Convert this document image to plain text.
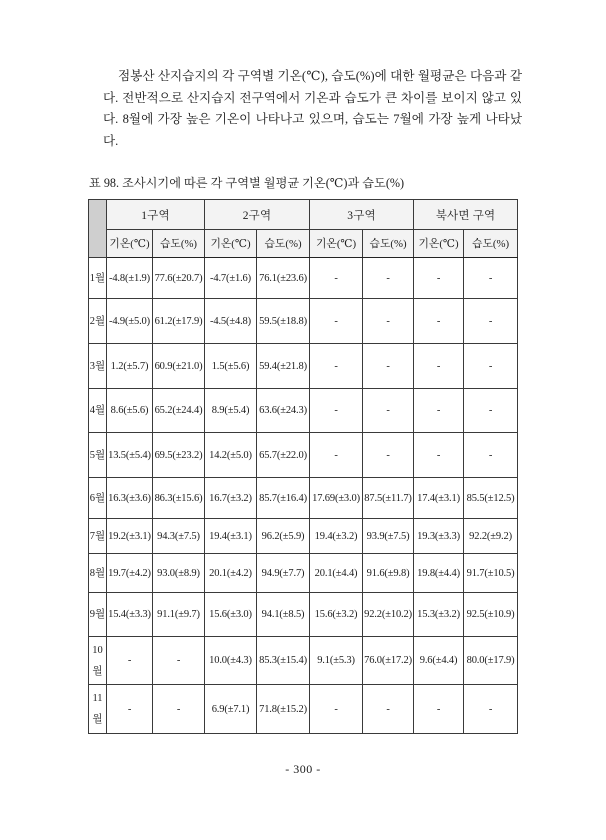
점봉산 산지습지의 각 구역별 기온(℃), 습도(%)에 대한 월평균은 다음과 같다. 전반적으로 산지습지 전구역에서 기온과 습도가 큰 차이를 보이지 않고 있다. 8월에 가장 높은 기온이 나타나고 있으며, 습도는 7월에 가장 높게 나타났다.

표 98. 조사시기에 따른 각 구역별 월평균 기온(℃)과 습도(%)

	1구역		2구역		3구역		북사면 구역	
	기온(℃)	습도(%)	기온(℃)	습도(%)	기온(℃)	습도(%)	기온(℃)	습도(%)
1월	-4.8(±1.9)	77.6(±20.7)	-4.7(±1.6)	76.1(±23.6)	-	-	-	-
2월	-4.9(±5.0)	61.2(±17.9)	-4.5(±4.8)	59.5(±18.8)	-	-	-	-
3월	1.2(±5.7)	60.9(±21.0)	1.5(±5.6)	59.4(±21.8)	-	-	-	-
4월	8.6(±5.6)	65.2(±24.4)	8.9(±5.4)	63.6(±24.3)	-	-	-	-
5월	13.5(±5.4)	69.5(±23.2)	14.2(±5.0)	65.7(±22.0)	-	-	-	-
6월	16.3(±3.6)	86.3(±15.6)	16.7(±3.2)	85.7(±16.4)	17.69(±3.0)	87.5(±11.7)	17.4(±3.1)	85.5(±12.5)
7월	19.2(±3.1)	94.3(±7.5)	19.4(±3.1)	96.2(±5.9)	19.4(±3.2)	93.9(±7.5)	19.3(±3.3)	92.2(±9.2)
8월	19.7(±4.2)	93.0(±8.9)	20.1(±4.2)	94.9(±7.7)	20.1(±4.4)	91.6(±9.8)	19.8(±4.4)	91.7(±10.5)
9월	15.4(±3.3)	91.1(±9.7)	15.6(±3.0)	94.1(±8.5)	15.6(±3.2)	92.2(±10.2)	15.3(±3.2)	92.5(±10.9)
10월	-	-	10.0(±4.3)	85.3(±15.4)	9.1(±5.3)	76.0(±17.2)	9.6(±4.4)	80.0(±17.9)
11월	-	-	6.9(±7.1)	71.8(±15.2)	-	-	-	-

- 300 -
